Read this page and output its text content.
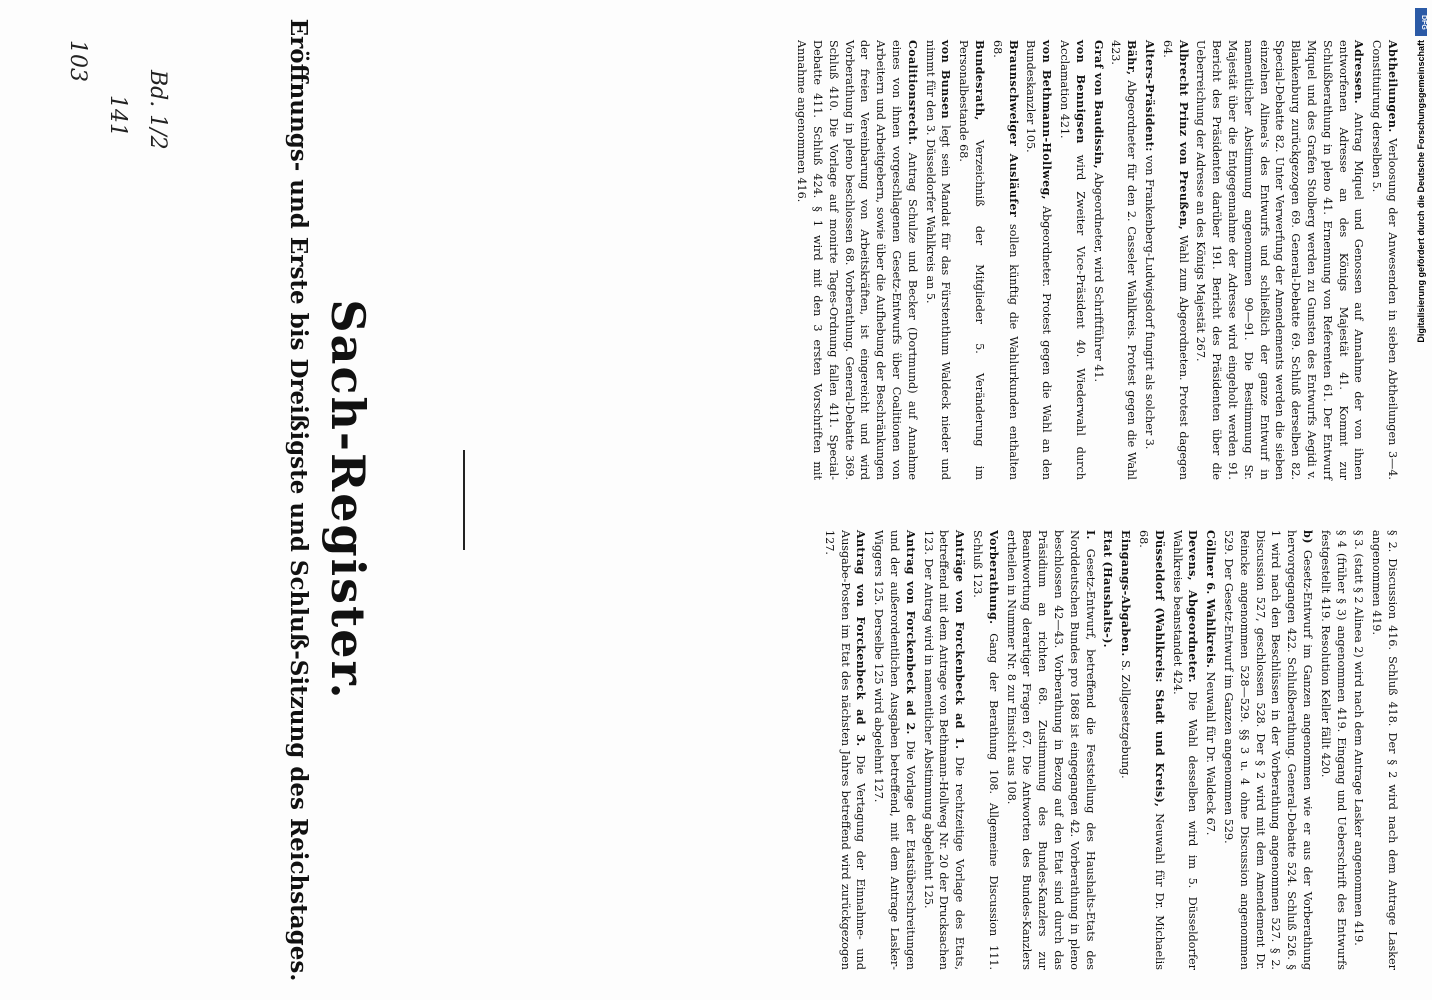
Sach-Register.
Eröffnungs- und Erste bis Dreißigste und Schluß-Sitzung des Reichstages.	Abtheilungen. Verloosung der Anwesenden in sieben Abtheilungen 3—4. Constituirung derselben 5.
Adressen. Antrag Miquel und Genossen auf Annahme der von ihnen entworfenen Adresse an des Königs Majestät 41. Kommt zur Schlußberathung in pleno 41. Ernennung von Referenten 61. Der Entwurf Miquel und des Grafen Stolberg werden zu Gunsten des Entwurfs Aegidi v. Blankenburg zurückgezogen 69. General-Debatte 69. Schluß derselben 82. Special-Debatte 82. Unter Verwerfung der Amendements werden die sieben einzelnen Alinea's des Entwurfs und schließlich der ganze Entwurf in namentlicher Abstimmung angenommen 90—91. Die Bestimmung Sr. Majestät über die Entgegennahme der Adresse wird eingeholt werden 91. Bericht des Präsidenten darüber 191. Bericht des Präsidenten über die Ueberreichung der Adresse an des Königs Majestät 267.
Albrecht Prinz von Preußen, Wahl zum Abgeordneten. Protest dagegen 64.
Alters-Präsident: von Frankenberg-Ludwigsdorf fungirt als solcher 3.
Bähr, Abgeordneter für den 2. Casseler Wahlkreis. Protest gegen die Wahl 423.
Graf von Baudissin, Abgeordneter, wird Schriftführer 41.
von Bennigsen wird Zweiter Vice-Präsident 40. Wiederwahl durch Acclamation 421.
von Bethmann-Hollweg, Abgeordneter. Protest gegen die Wahl an den Bundeskanzler 105.
Braunschweiger Ausläufer sollen künftig die Wahlurkunden enthalten 68.
Bundesrath, Verzeichniß der Mitglieder 5. Veränderung im Personalbestande 68.
von Bunsen legt sein Mandat für das Fürstenthum Waldeck nieder und nimmt für den 3. Düsseldorfer Wahlkreis an 5.
Coalitionsrecht. Antrag Schulze und Becker (Dortmund) auf Annahme eines von ihnen vorgeschlagenen Gesetz-Entwurfs über Coalitionen von Arbeitern und Arbeitgebern, sowie über die Aufhebung der Beschränkungen der freien Vereinbarung von Arbeitskräften, ist eingereicht und wird Vorberathung in pleno beschlossen 68. Vorberathung. General-Debatte 369. Schluß 410. Die Vorlage auf monirte Tages-Ordnung fallen 411. Special-Debatte 411. Schluß 424. § 1 wird mit den 3 ersten Vorschriften mit Annahme angenommen 416.
§ 2. Discussion 416. Schluß 418. Der § 2 wird nach dem Antrage Lasker angenommen 419.
§ 3. (statt § 2 Alinea 2) wird nach dem Antrage Lasker angenommen 419.
§ 4 (früher § 3) angenommen 419. Eingang und Ueberschrift des Entwurfs festgestellt 419. Resolution Keller fällt 420.
b) Gesetz-Entwurf im Ganzen angenommen wie er aus der Vorberathung hervorgegangen 422. Schlußberathung. General-Debatte 524. Schluß 526. § 1 wird nach den Beschlüssen in der Vorberathung angenommen 527. § 2. Discussion 527, geschlossen 528. Der § 2 wird mit dem Amendement Dr. Reincke angenommen 528—529. §§ 3 u. 4 ohne Discussion angenommen 529. Der Gesetz-Entwurf im Ganzen angenommen 529.
Cöllner 6. Wahlkreis. Neuwahl für Dr. Waldeck 67.
Devens, Abgeordneter. Die Wahl desselben wird im 5. Düsseldorfer Wahlkreise beanstandet 424.
Düsseldorf (Wahlkreis: Stadt und Kreis), Neuwahl für Dr. Michaelis 68.
Eingangs-Abgaben. S. Zollgesetzgebung.
Etat (Haushalts-).
I. Gesetz-Entwurf, betreffend die Feststellung des Haushalts-Etats des Norddeutschen Bundes pro 1868 ist eingegangen 42. Vorberathung in pleno beschlossen 42—43. Vorberathung in Bezug auf den Etat sind durch das Präsidium an richten 68. Zustimmung des Bundes-Kanzlers zur Beantwortung derartiger Fragen 67. Die Antworten des Bundes-Kanzlers ertheilen in Nummer Nr. 8 zur Einsicht aus 108.
Vorberathung. Gang der Berathung 108. Allgemeine Discussion 111. Schluß 123.
Anträge von Forckenbeck ad 1. Die rechtzeitige Vorlage des Etats, betreffend mit dem Antrage von Bethmann-Hollweg Nr. 20 der Drucksachen 123. Der Antrag wird in namentlicher Abstimmung abgelehnt 125.
Antrag von Forckenbeck ad 2. Die Vorlage der Etatsüberschreitungen und der außerordentlichen Ausgaben betreffend, mit dem Antrage Lasker-Wiggers 125. Derselbe 125 wird abgelehnt 127.
Antrag von Forckenbeck ad 3. Die Vertagung der Einnahme- und Ausgabe-Posten im Etat des nächsten Jahres betreffend wird zurückgezogen 127.
Bd. 1/2
141
103
DFG
Digitalisierung gefördert durch die Deutsche Forschungsgemeinschaft
